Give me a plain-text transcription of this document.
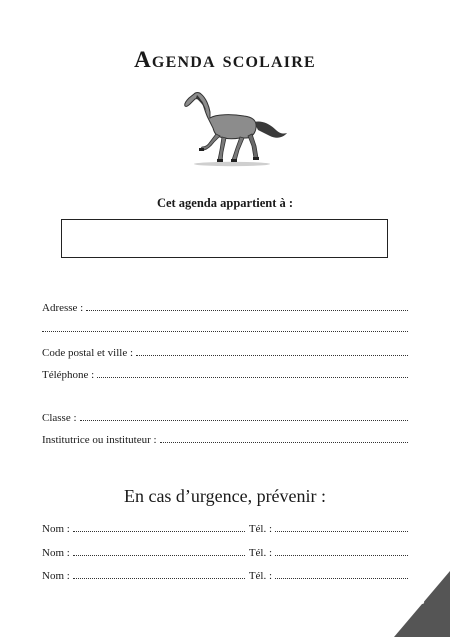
Agenda scolaire
Cet agenda appartient à :
Adresse :
Code postal et ville :
Téléphone :
Classe :
Institutrice ou instituteur :
En cas d’urgence, prévenir :
Nom :	Tél. :
Nom :	Tél. :
Nom :	Tél. :
3
